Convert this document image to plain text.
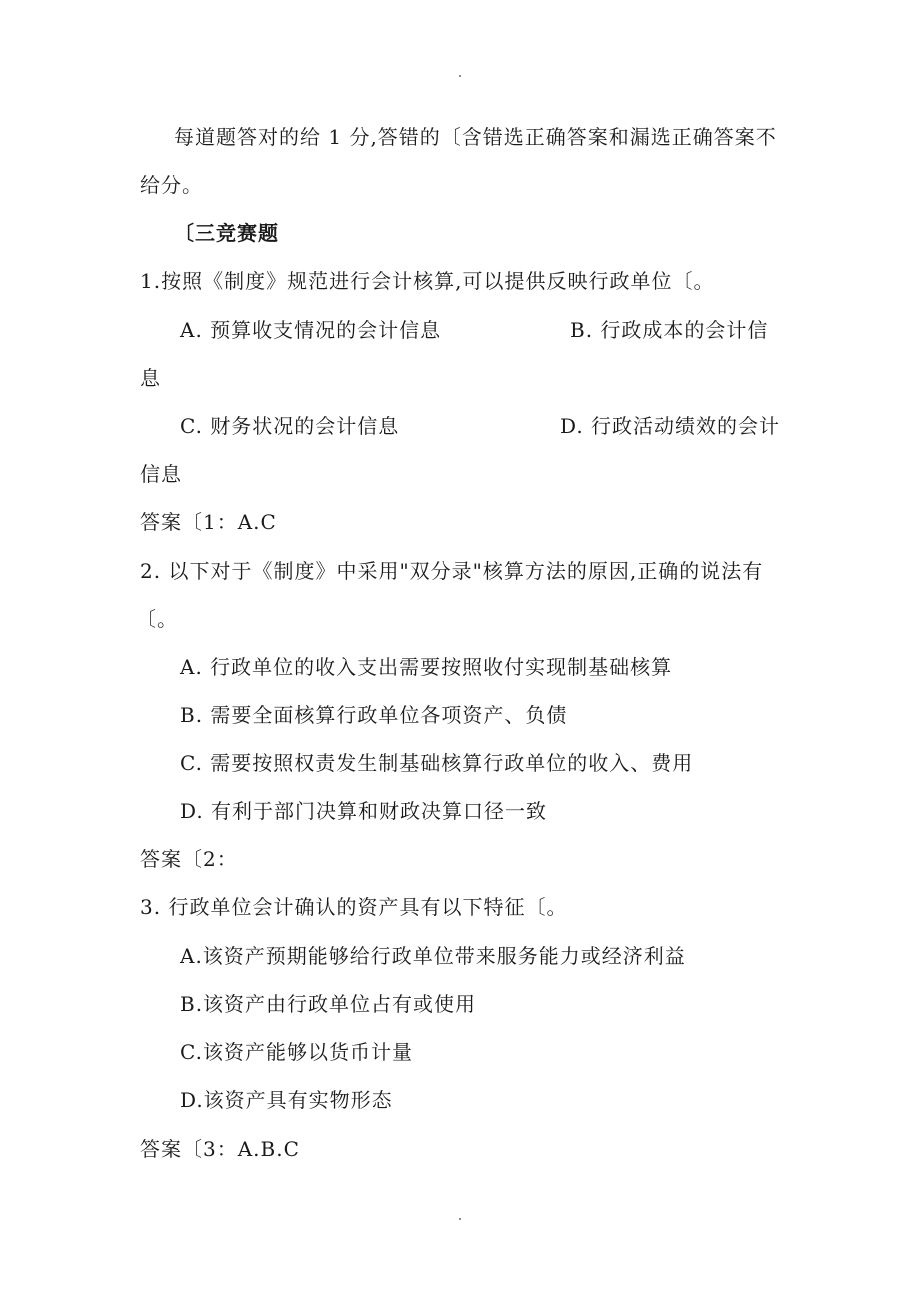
每道题答对的给 1 分,答错的〔含错选正确答案和漏选正确答案不
给分。
〔三竞赛题
1.按照《制度》规范进行会计核算,可以提供反映行政单位〔。
A. 预算收支情况的会计信息	B. 行政成本的会计信
息
C. 财务状况的会计信息	D. 行政活动绩效的会计
信息
答案〔1：A.C
2. 以下对于《制度》中采用"双分录"核算方法的原因,正确的说法有
〔。
A. 行政单位的收入支出需要按照收付实现制基础核算
B. 需要全面核算行政单位各项资产、负债
C. 需要按照权责发生制基础核算行政单位的收入、费用
D. 有利于部门决算和财政决算口径一致
答案〔2：
3. 行政单位会计确认的资产具有以下特征〔。
A.该资产预期能够给行政单位带来服务能力或经济利益
B.该资产由行政单位占有或使用
C.该资产能够以货币计量
D.该资产具有实物形态
答案〔3：A.B.C
